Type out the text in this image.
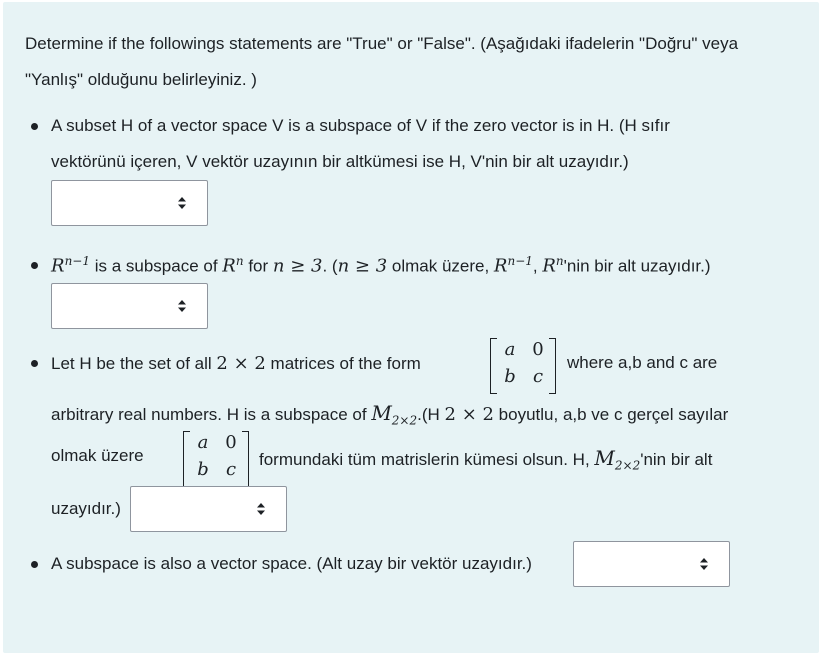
Determine if the followings statements are "True" or "False". (Aşağıdaki ifadelerin "Doğru" veya "Yanlış" olduğunu belirleyiniz. )
A subset H of a vector space V is a subspace of V if the zero vector is in H. (H sıfır
vektörünü içeren, V vektör uzayının bir altkümesi ise H, V'nin bir alt uzayıdır.)
$R^{n-1}$ is a subspace of $R^n$ for n ≥ 3. (n ≥ 3 olmak üzere, $R^{n-1}$, $R^n'nin$ bir alt uzayıdır.)
Let H be the set of all 2 × 2 matrices of the form
a 0
b c
where a,b and c are
arbitrary real numbers. H is a subspace of $M_{2\times 2}.(H$ 2 × 2 boyutlu, a,b ve c gerçel sayılar
olmak üzere
a 0
b c formundaki tüm matrislerin kümesi olsun. H, $M_{2\times 2}'nin$ bir alt
uzayıdır.)
A subspace is also a vector space. (Alt uzay bir vektör uzayıdır.)
